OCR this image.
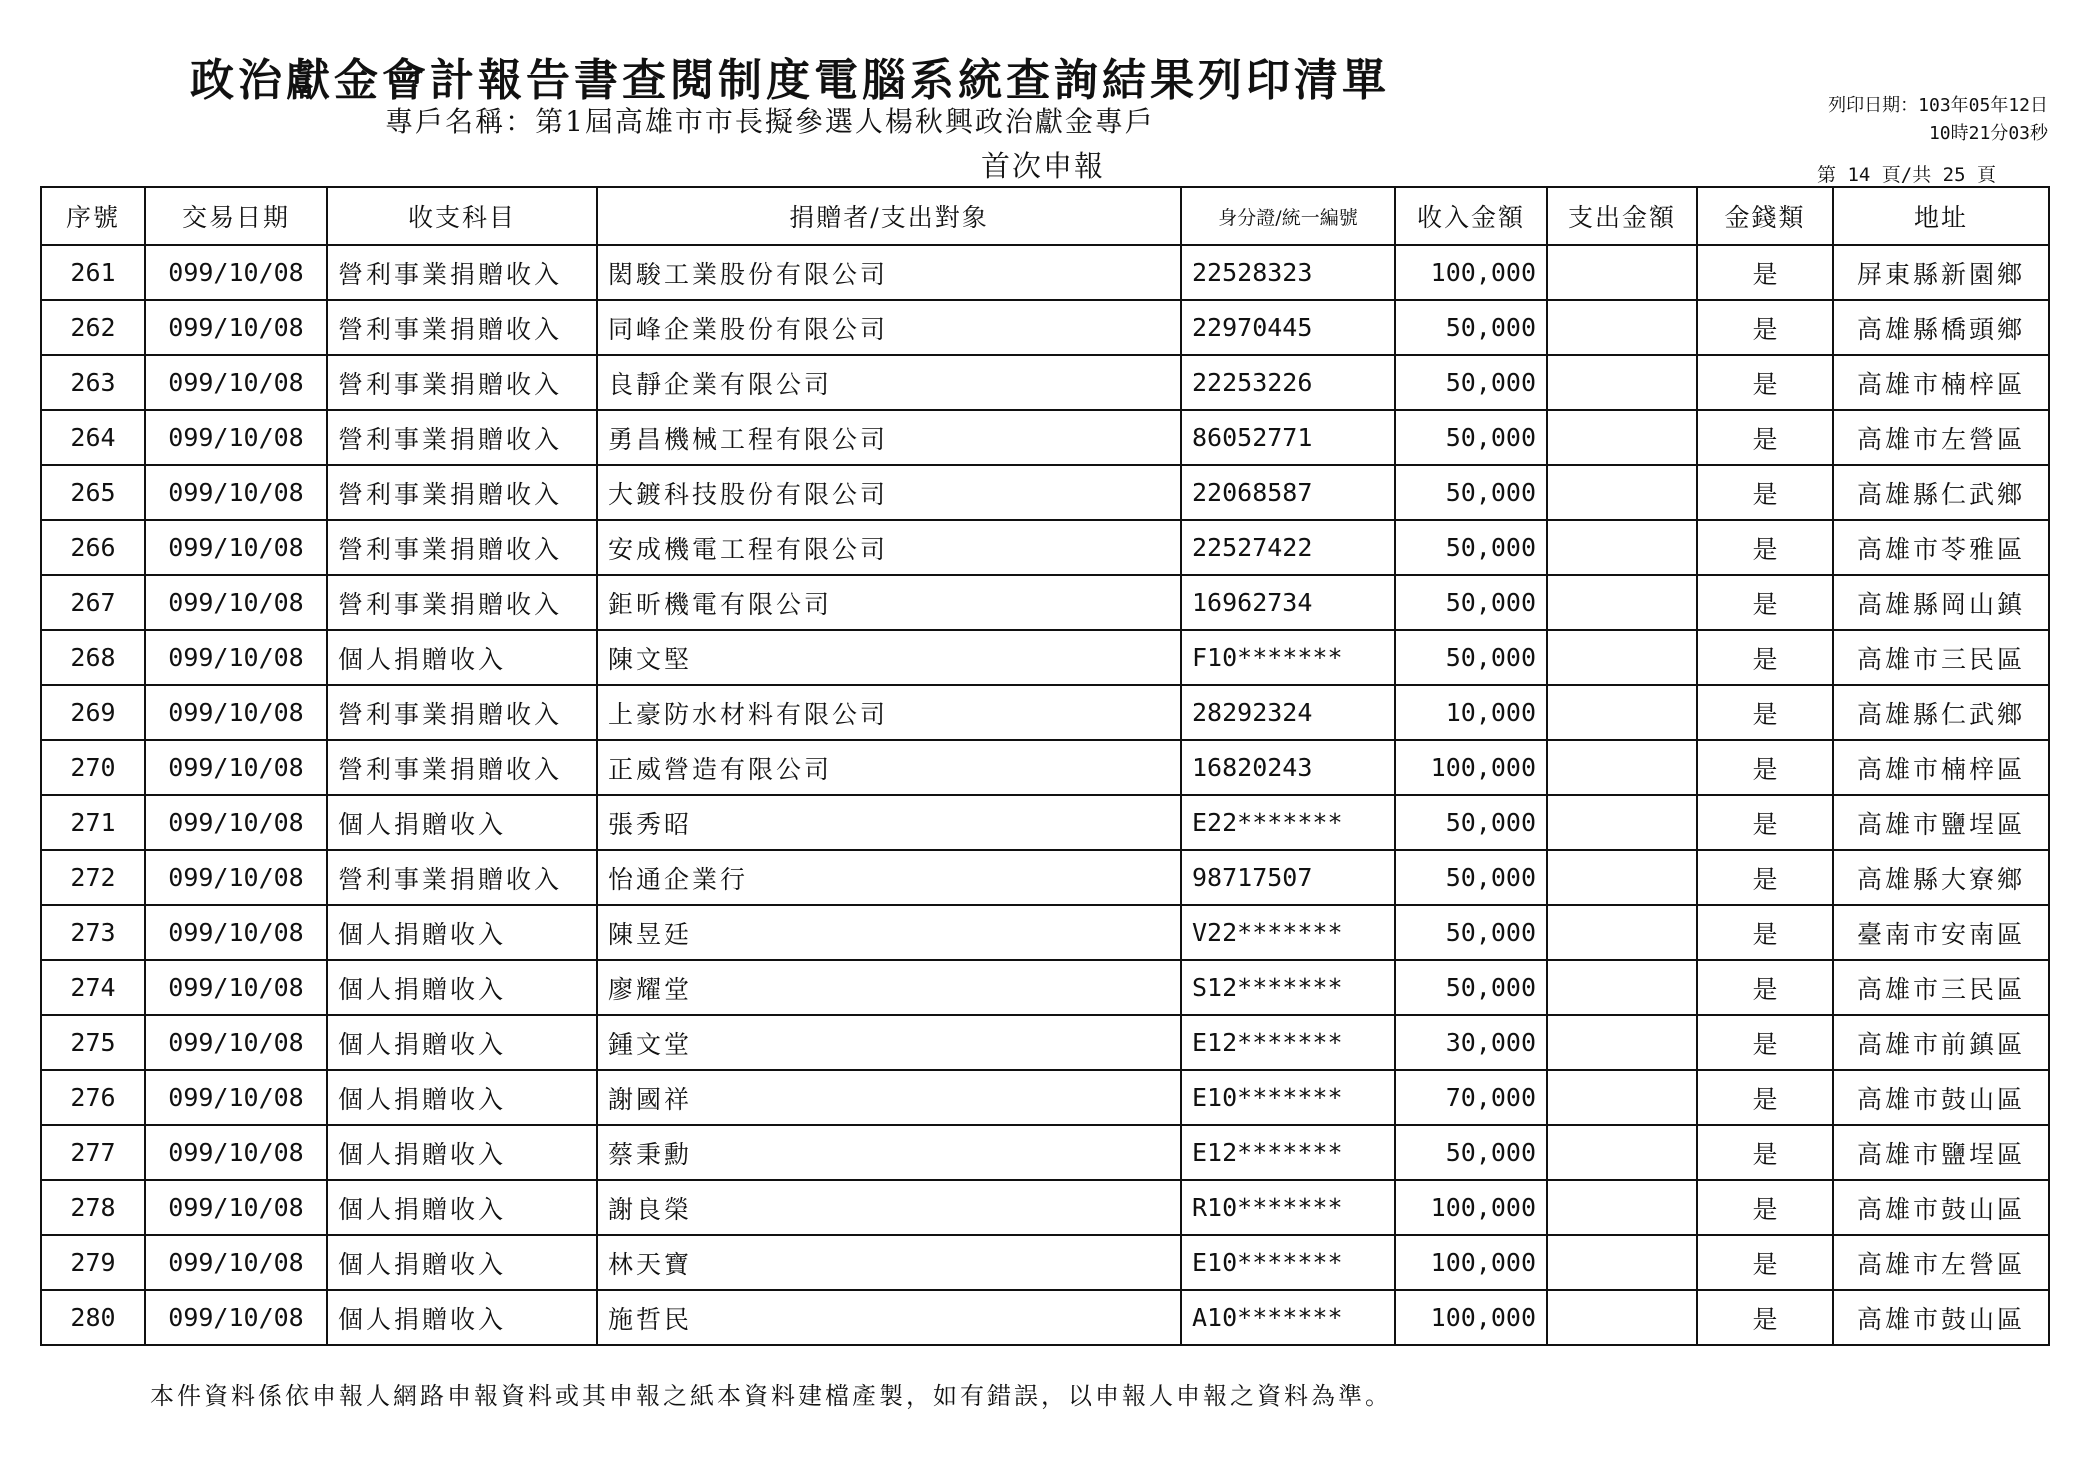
政治獻金會計報告書查閱制度電腦系統查詢結果列印清單
專戶名稱：第1屆高雄市市長擬參選人楊秋興政治獻金專戶
首次申報
列印日期：103年05年12日
10時21分03秒
第 14 頁/共 25 頁
序號	交易日期	收支科目	捐贈者/支出對象	身分證/統一編號	收入金額	支出金額	金錢類	地址
261	099/10/08	營利事業捐贈收入	閎駿工業股份有限公司	22528323	100,000		是	屏東縣新園鄉
262	099/10/08	營利事業捐贈收入	同峰企業股份有限公司	22970445	50,000		是	高雄縣橋頭鄉
263	099/10/08	營利事業捐贈收入	良靜企業有限公司	22253226	50,000		是	高雄市楠梓區
264	099/10/08	營利事業捐贈收入	勇昌機械工程有限公司	86052771	50,000		是	高雄市左營區
265	099/10/08	營利事業捐贈收入	大鍍科技股份有限公司	22068587	50,000		是	高雄縣仁武鄉
266	099/10/08	營利事業捐贈收入	安成機電工程有限公司	22527422	50,000		是	高雄市苓雅區
267	099/10/08	營利事業捐贈收入	鉅昕機電有限公司	16962734	50,000		是	高雄縣岡山鎮
268	099/10/08	個人捐贈收入	陳文堅	F10*******	50,000		是	高雄市三民區
269	099/10/08	營利事業捐贈收入	上豪防水材料有限公司	28292324	10,000		是	高雄縣仁武鄉
270	099/10/08	營利事業捐贈收入	正威營造有限公司	16820243	100,000		是	高雄市楠梓區
271	099/10/08	個人捐贈收入	張秀昭	E22*******	50,000		是	高雄市鹽埕區
272	099/10/08	營利事業捐贈收入	怡通企業行	98717507	50,000		是	高雄縣大寮鄉
273	099/10/08	個人捐贈收入	陳昱廷	V22*******	50,000		是	臺南市安南區
274	099/10/08	個人捐贈收入	廖耀堂	S12*******	50,000		是	高雄市三民區
275	099/10/08	個人捐贈收入	鍾文堂	E12*******	30,000		是	高雄市前鎮區
276	099/10/08	個人捐贈收入	謝國祥	E10*******	70,000		是	高雄市鼓山區
277	099/10/08	個人捐贈收入	蔡秉勳	E12*******	50,000		是	高雄市鹽埕區
278	099/10/08	個人捐贈收入	謝良榮	R10*******	100,000		是	高雄市鼓山區
279	099/10/08	個人捐贈收入	林天寶	E10*******	100,000		是	高雄市左營區
280	099/10/08	個人捐贈收入	施哲民	A10*******	100,000		是	高雄市鼓山區
本件資料係依申報人網路申報資料或其申報之紙本資料建檔產製，如有錯誤，以申報人申報之資料為準。
